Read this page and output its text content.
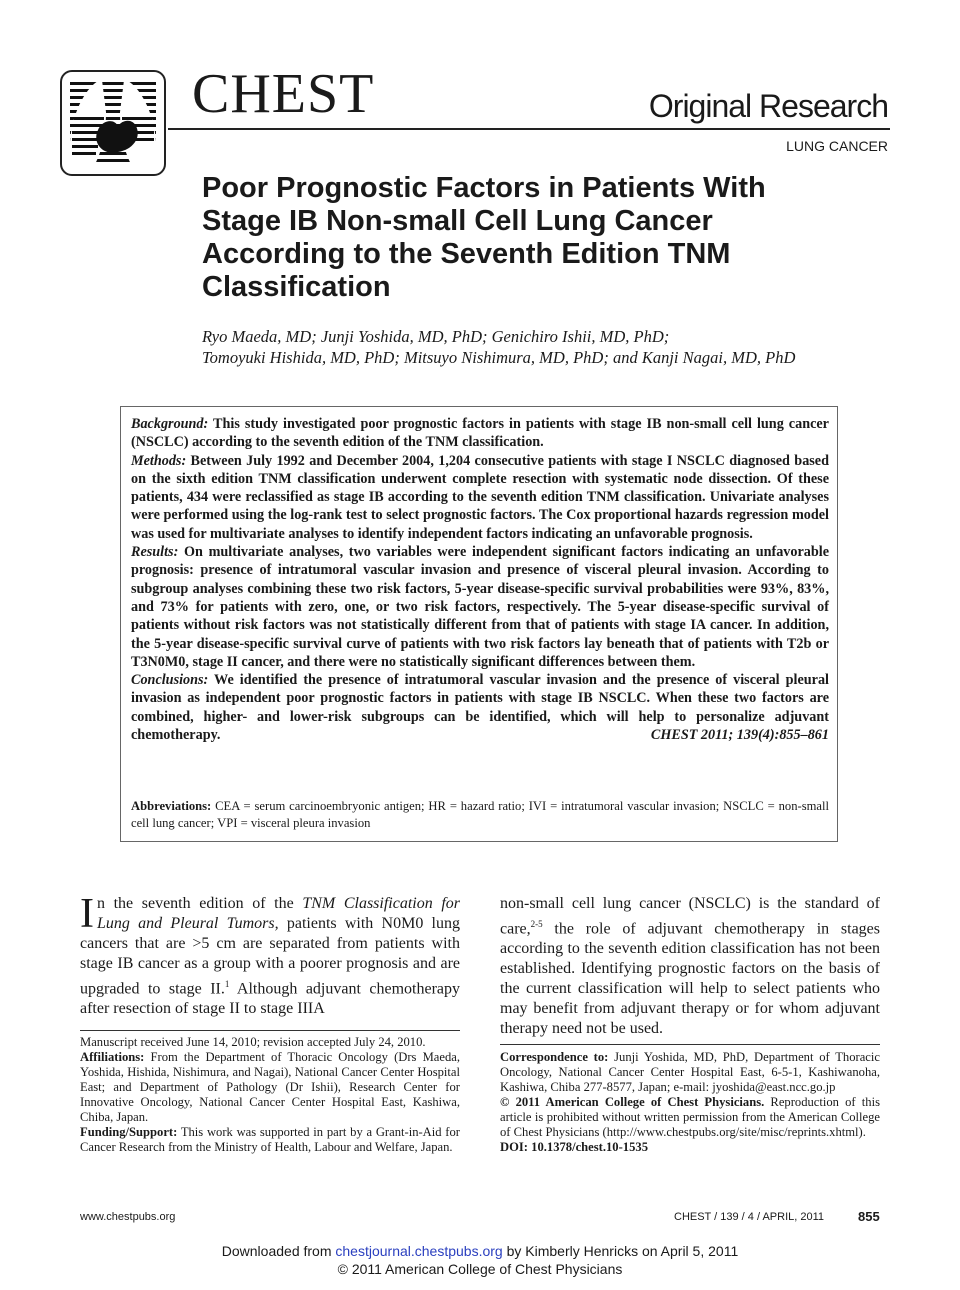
CHEST	Original Research
LUNG CANCER
Poor Prognostic Factors in Patients With Stage IB Non-small Cell Lung Cancer According to the Seventh Edition TNM Classification
Ryo Maeda, MD; Junji Yoshida, MD, PhD; Genichiro Ishii, MD, PhD;
Tomoyuki Hishida, MD, PhD; Mitsuyo Nishimura, MD, PhD; and Kanji Nagai, MD, PhD

Background: This study investigated poor prognostic factors in patients with stage IB non-small cell lung cancer (NSCLC) according to the seventh edition of the TNM classification.

Methods: Between July 1992 and December 2004, 1,204 consecutive patients with stage I NSCLC diagnosed based on the sixth edition TNM classification underwent complete resection with systematic node dissection. Of these patients, 434 were reclassified as stage IB according to the seventh edition TNM classification. Univariate analyses were performed using the log-rank test to select prognostic factors. The Cox proportional hazards regression model was used for multivariate analyses to identify independent factors indicating an unfavorable prognosis.

Results: On multivariate analyses, two variables were independent significant factors indicating an unfavorable prognosis: presence of intratumoral vascular invasion and presence of visceral pleural invasion. According to subgroup analyses combining these two risk factors, 5-year disease-specific survival probabilities were 93%, 83%, and 73% for patients with zero, one, or two risk factors, respectively. The 5-year disease-specific survival of patients without risk factors was not statistically different from that of patients with stage IA cancer. In addition, the 5-year disease-specific survival curve of patients with two risk factors lay beneath that of patients with T2b or T3N0M0, stage II cancer, and there were no statistically significant differences between them.

Conclusions: We identified the presence of intratumoral vascular invasion and the presence of visceral pleural invasion as independent poor prognostic factors in patients with stage IB NSCLC. When these two factors are combined, higher- and lower-risk subgroups can be identified, which will help to personalize adjuvant chemotherapy.	CHEST 2011; 139(4):855–861

Abbreviations: CEA = serum carcinoembryonic antigen; HR = hazard ratio; IVI = intratumoral vascular invasion; NSCLC = non-small cell lung cancer; VPI = visceral pleura invasion
In the seventh edition of the TNM Classification for Lung and Pleural Tumors, patients with N0M0 lung cancers that are >5 cm are separated from patients with stage IB cancer as a group with a poorer prognosis and are upgraded to stage II.$^1$ Although adjuvant chemotherapy after resection of stage II to stage IIIA
non-small cell lung cancer (NSCLC) is the standard of care,$^{2-5}$ the role of adjuvant chemotherapy in stages according to the seventh edition classification has not been established. Identifying prognostic factors on the basis of the current classification will help to select patients who may benefit from adjuvant therapy or for whom adjuvant therapy need not be used.

Manuscript received June 14, 2010; revision accepted July 24, 2010.

Affiliations: From the Department of Thoracic Oncology (Drs Maeda, Yoshida, Hishida, Nishimura, and Nagai), National Cancer Center Hospital East; and Department of Pathology (Dr Ishii), Research Center for Innovative Oncology, National Cancer Center Hospital East, Kashiwa, Chiba, Japan.

Funding/Support: This work was supported in part by a Grant-in-Aid for Cancer Research from the Ministry of Health, Labour and Welfare, Japan.

Correspondence to: Junji Yoshida, MD, PhD, Department of Thoracic Oncology, National Cancer Center Hospital East, 6-5-1, Kashiwanoha, Kashiwa, Chiba 277-8577, Japan; e-mail: jyoshida@east.ncc.go.jp

© 2011 American College of Chest Physicians. Reproduction of this article is prohibited without written permission from the American College of Chest Physicians (http://www.chestpubs.org/site/misc/reprints.xhtml).

DOI: 10.1378/chest.10-1535

www.chestpubs.org	CHEST / 139 / 4 / APRIL, 2011	855
Downloaded from chestjournal.chestpubs.org by Kimberly Henricks on April 5, 2011
© 2011 American College of Chest Physicians
